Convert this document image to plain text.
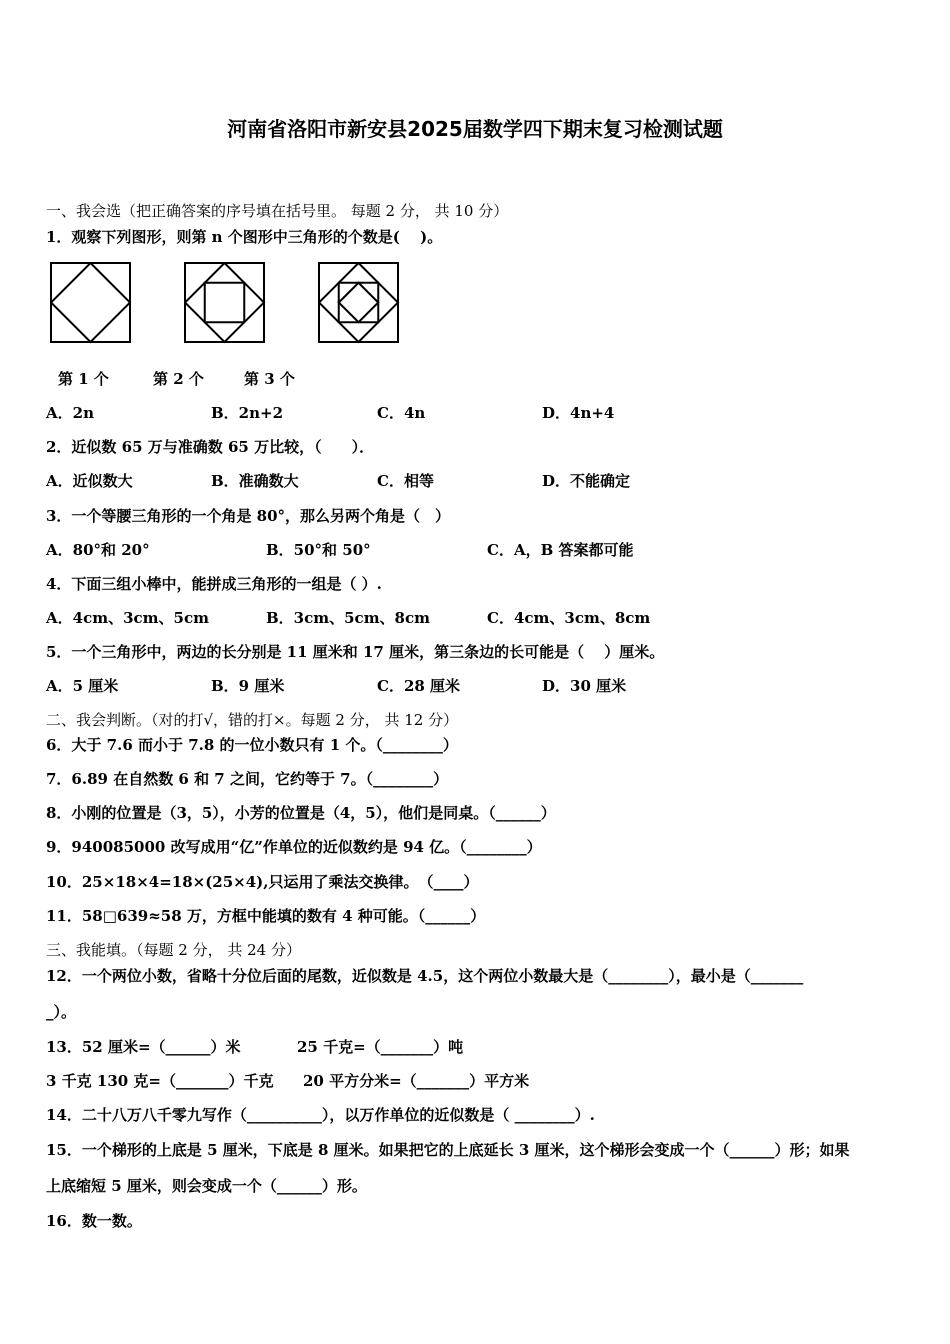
河南省洛阳市新安县2025届数学四下期末复习检测试题
一、我会选（把正确答案的序号填在括号里。 每题 2 分， 共 10 分）
1．观察下列图形，则第 n 个图形中三角形的个数是(　 )。
第 1 个	第 2 个	第 3 个
A．2n	B．2n+2	C．4n	D．4n+4
2．近似数 65 万与准确数 65 万比较，（　　）．
A．近似数大	B．准确数大	C．相等	D．不能确定
3．一个等腰三角形的一个角是 80°，那么另两个角是（　）
A．80°和 20°	B．50°和 50°	C．A，B 答案都可能
4．下面三组小棒中，能拼成三角形的一组是（ ）.
A．4cm、3cm、5cm	B．3cm、5cm、8cm	C．4cm、3cm、8cm
5．一个三角形中，两边的长分别是 11 厘米和 17 厘米，第三条边的长可能是（　 ）厘米。
A．5 厘米	B．9 厘米	C．28 厘米	D．30 厘米
二、我会判断。（对的打√，错的打×。每题 2 分， 共 12 分）
6．大于 7.6 而小于 7.8 的一位小数只有 1 个。（________）
7．6.89 在自然数 6 和 7 之间，它约等于 7。（________）
8．小刚的位置是（3，5），小芳的位置是（4，5），他们是同桌。（______）
9．940085000 改写成用“亿”作单位的近似数约是 94 亿。（________）
10．25×18×4=18×(25×4),只运用了乘法交换律。　（____）
11．58□639≈58 万，方框中能填的数有 4 种可能。（______）
三、我能填。（每题 2 分， 共 24 分）
12．一个两位小数，省略十分位后面的尾数，近似数是 4.5，这个两位小数最大是（________），最小是（_______
_）。
13．52 厘米=（______）米	25 千克=（_______）吨
3 千克 130 克=（_______）千克 20 平方分米=（_______）平方米
14．二十八万八千零九写作（__________），以万作单位的近似数是（ ________）.
15．一个梯形的上底是 5 厘米，下底是 8 厘米。如果把它的上底延长 3 厘米，这个梯形会变成一个（______）形；如果
上底缩短 5 厘米，则会变成一个（______）形。
16．数一数。
